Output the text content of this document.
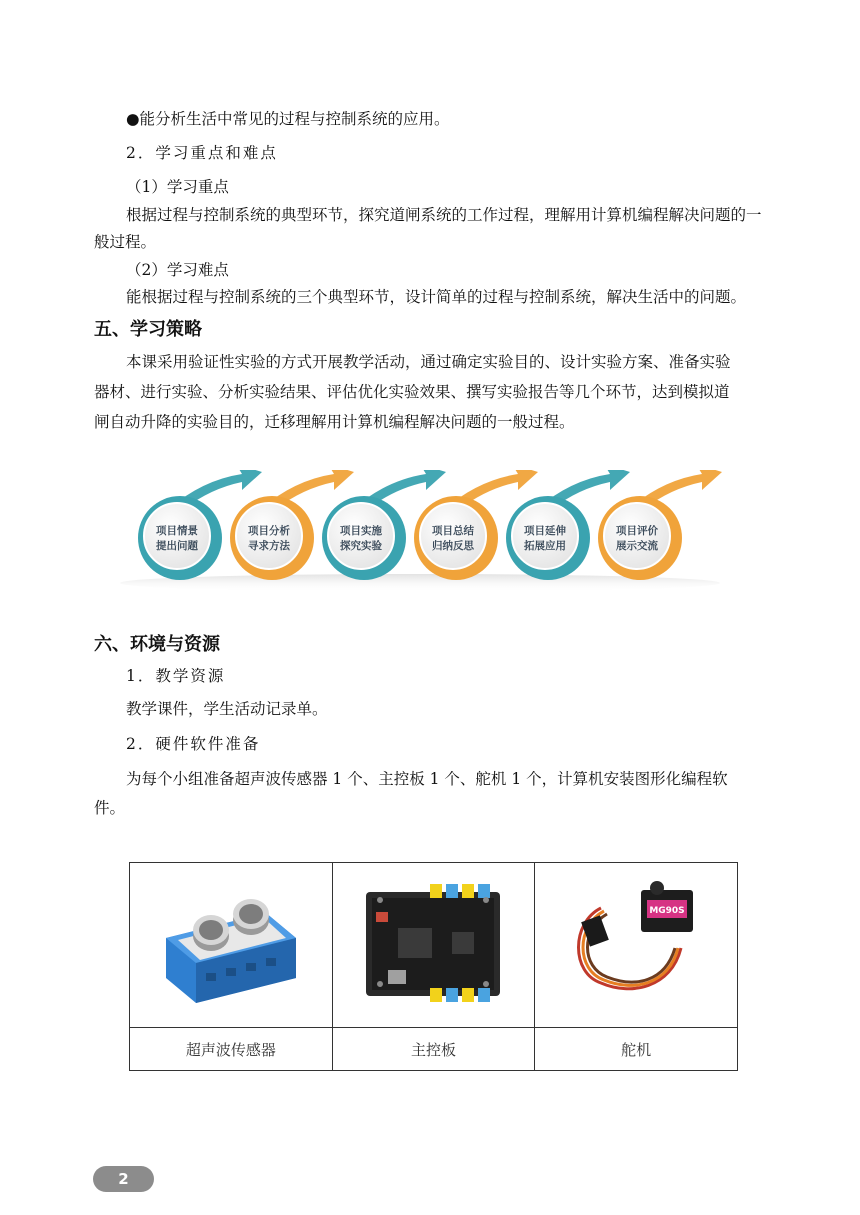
●能分析生活中常见的过程与控制系统的应用。
2．学习重点和难点
（1）学习重点
根据过程与控制系统的典型环节，探究道闸系统的工作过程，理解用计算机编程解决问题的一
般过程。
（2）学习难点
能根据过程与控制系统的三个典型环节，设计简单的过程与控制系统，解决生活中的问题。
五、学习策略
本课采用验证性实验的方式开展教学活动，通过确定实验目的、设计实验方案、准备实验
器材、进行实验、分析实验结果、评估优化实验效果、撰写实验报告等几个环节，达到模拟道
闸自动升降的实验目的，迁移理解用计算机编程解决问题的一般过程。
项目情景
提出问题
项目分析
寻求方法
项目实施
探究实验
项目总结
归纳反思
项目延伸
拓展应用
项目评价
展示交流
六、环境与资源
1．教学资源
教学课件，学生活动记录单。
2．硬件软件准备
为每个小组准备超声波传感器 1 个、主控板 1 个、舵机 1 个，计算机安装图形化编程软
件。

MG90S

超声波传感器	主控板	舵机
2
